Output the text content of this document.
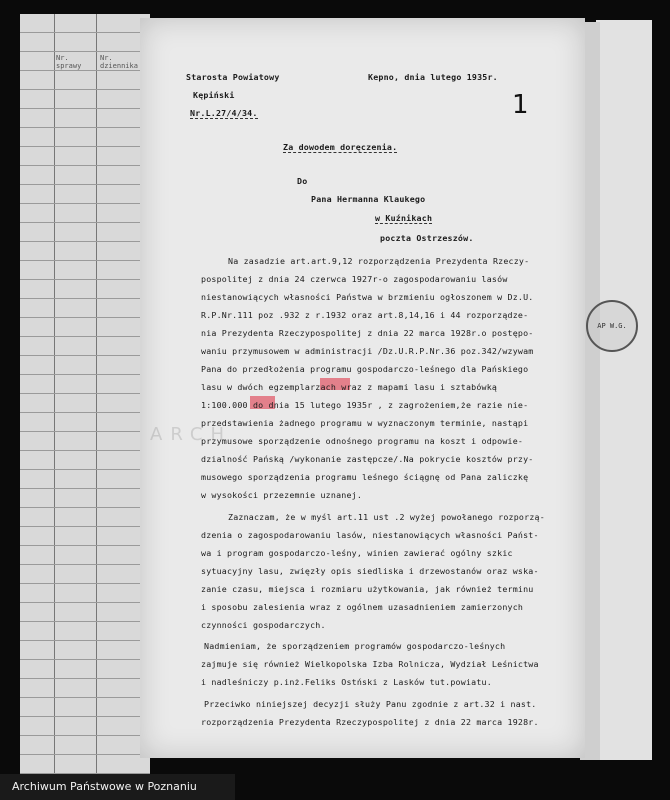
Nr. sprawy
Nr. dziennika
AP W.G.
ARCH
Starosta Powiatowy
Kępiński
Nr.L.27/4/34.
Kepno, dnia lutego 1935r.
1
Za dowodem doręczenia.
Do
Pana Hermanna Klaukego
w Kuźnikach
poczta Ostrzeszów.
Na zasadzie art.art.9,12 rozporządzenia Prezydenta Rzeczy-
pospolitej z dnia 24 czerwca 1927r-o zagospodarowaniu lasów
niestanowiących własności Państwa w brzmieniu ogłoszonem w Dz.U.
R.P.Nr.111 poz .932 z r.1932 oraz art.8,14,16 i 44 rozporządze-
nia Prezydenta Rzeczypospolitej z dnia 22 marca 1928r.o postępo-
waniu przymusowem w administracji /Dz.U.R.P.Nr.36 poz.342/wzywam
Pana do przedłożenia programu gospodarczo-leśnego dla Pańskiego
lasu w dwóch egzemplarzach wraz z mapami lasu i sztabówką
1:100.000 do dnia 15 lutego 1935r , z zagrożeniem,że razie nie-
przedstawienia żadnego programu w wyznaczonym terminie, nastąpi
przymusowe sporządzenie odnośnego programu na koszt i odpowie-
dzialność Pańską /wykonanie zastępcze/.Na pokrycie kosztów przy-
musowego sporządzenia programu leśnego ściągnę od Pana zaliczkę
w wysokości przezemnie uznanej.
Zaznaczam, że w myśl art.11 ust .2 wyżej powołanego rozporzą-
dzenia o zagospodarowaniu lasów, niestanowiących własności Państ-
wa i program gospodarczo-leśny, winien zawierać ogólny szkic
sytuacyjny lasu, zwięzły opis siedliska i drzewostanów oraz wska-
zanie czasu, miejsca i rozmiaru użytkowania, jak również terminu
i sposobu zalesienia wraz z ogólnem uzasadnieniem zamierzonych
czynności gospodarczych.
Nadmieniam, że sporządzeniem programów gospodarczo-leśnych
zajmuje się również Wielkopolska Izba Rolnicza, Wydział Leśnictwa
i nadleśniczy p.inż.Feliks Ostński z Lasków tut.powiatu.
Przeciwko niniejszej decyzji służy Panu zgodnie z art.32 i nast.
rozporządzenia Prezydenta Rzeczypospolitej z dnia 22 marca 1928r.
Archiwum Państwowe w Poznaniu
